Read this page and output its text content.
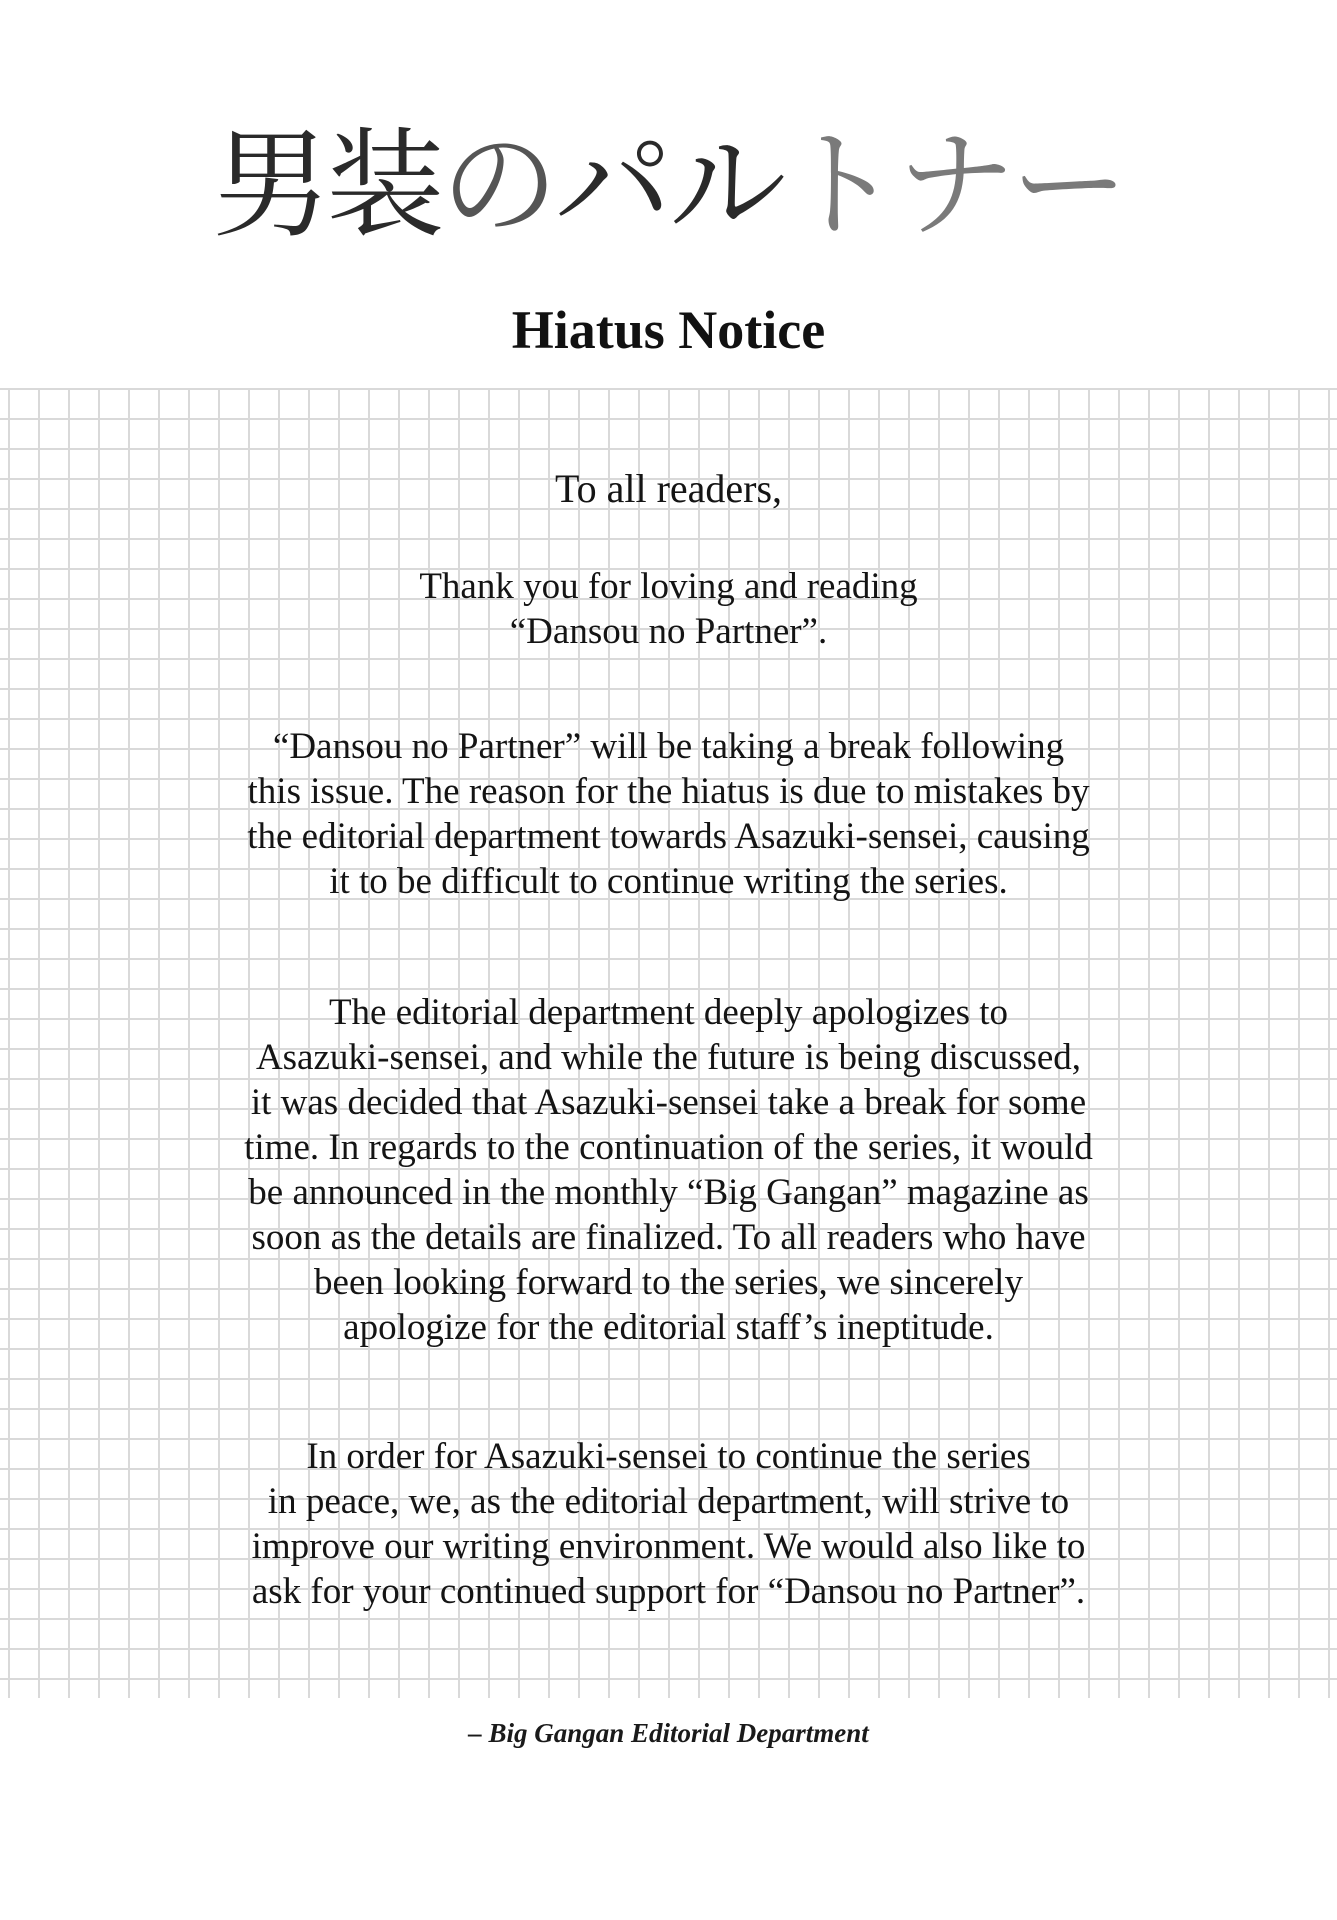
男装のパルトナー
Hiatus Notice
To all readers,
Thank you for loving and reading
“Dansou no Partner”.
“Dansou no Partner” will be taking a break following
this issue. The reason for the hiatus is due to mistakes by
the editorial department towards Asazuki-sensei, causing
it to be difficult to continue writing the series.
The editorial department deeply apologizes to
Asazuki-sensei, and while the future is being discussed,
it was decided that Asazuki-sensei take a break for some
time. In regards to the continuation of the series, it would
be announced in the monthly “Big Gangan” magazine as
soon as the details are finalized. To all readers who have
been looking forward to the series, we sincerely
apologize for the editorial staff’s ineptitude.
In order for Asazuki-sensei to continue the series
in peace, we, as the editorial department, will strive to
improve our writing environment. We would also like to
ask for your continued support for “Dansou no Partner”.
– Big Gangan Editorial Department
